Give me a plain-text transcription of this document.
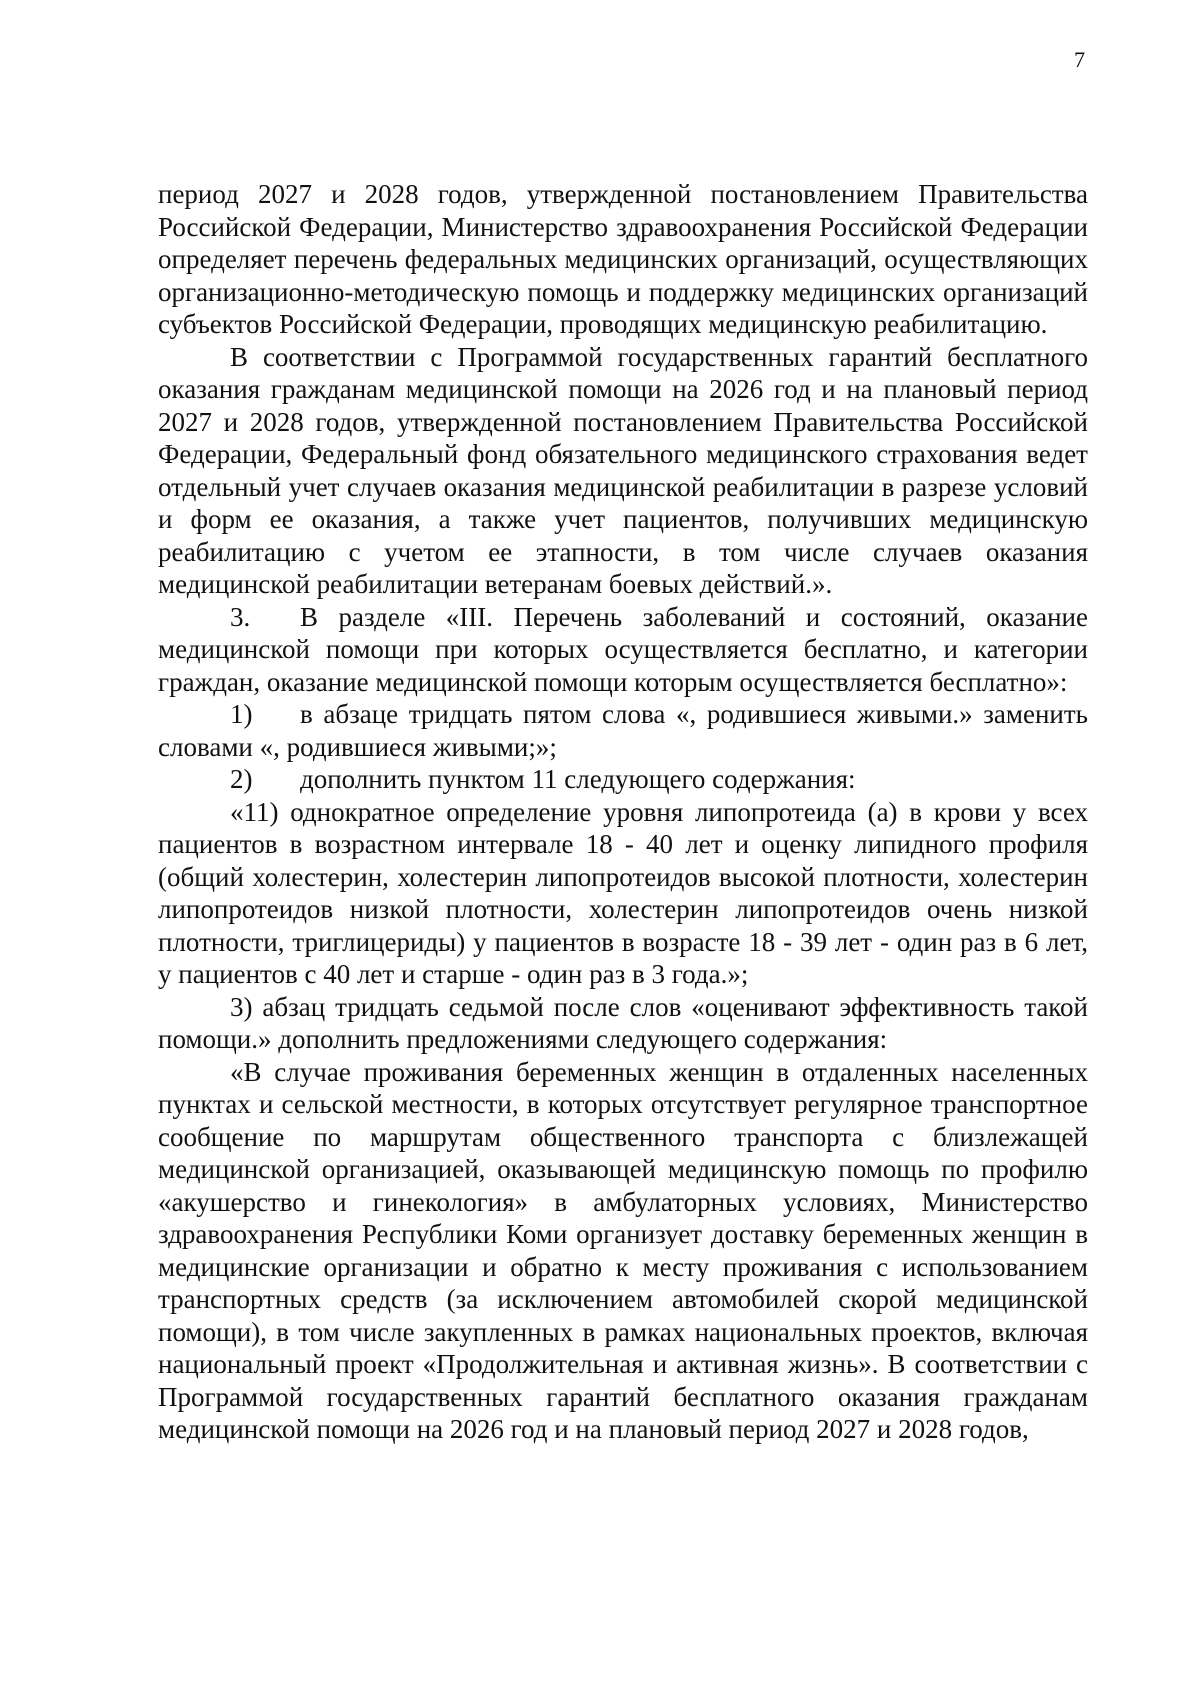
7

период 2027 и 2028 годов, утвержденной постановлением Правительства Российской Федерации, Министерство здравоохранения Российской Федерации определяет перечень федеральных медицинских организаций, осуществляющих организационно-методическую помощь и поддержку медицинских организаций субъектов Российской Федерации, проводящих медицинскую реабилитацию.

В соответствии с Программой государственных гарантий бесплатного оказания гражданам медицинской помощи на 2026 год и на плановый период 2027 и 2028 годов, утвержденной постановлением Правительства Российской Федерации, Федеральный фонд обязательного медицинского страхования ведет отдельный учет случаев оказания медицинской реабилитации в разрезе условий и форм ее оказания, а также учет пациентов, получивших медицинскую реабилитацию с учетом ее этапности, в том числе случаев оказания медицинской реабилитации ветеранам боевых действий.».

3. В разделе «III. Перечень заболеваний и состояний, оказание медицинской помощи при которых осуществляется бесплатно, и категории граждан, оказание медицинской помощи которым осуществляется бесплатно»:

1) в абзаце тридцать пятом слова «, родившиеся живыми.» заменить словами «, родившиеся живыми;»;

2) дополнить пунктом 11 следующего содержания:

«11) однократное определение уровня липопротеида (а) в крови у всех пациентов в возрастном интервале 18 - 40 лет и оценку липидного профиля (общий холестерин, холестерин липопротеидов высокой плотности, холестерин липопротеидов низкой плотности, холестерин липопротеидов очень низкой плотности, триглицериды) у пациентов в возрасте 18 - 39 лет - один раз в 6 лет, у пациентов с 40 лет и старше - один раз в 3 года.»;

3) абзац тридцать седьмой после слов «оценивают эффективность такой помощи.» дополнить предложениями следующего содержания:

«В случае проживания беременных женщин в отдаленных населенных пунктах и сельской местности, в которых отсутствует регулярное транспортное сообщение по маршрутам общественного транспорта с близлежащей медицинской организацией, оказывающей медицинскую помощь по профилю «акушерство и гинекология» в амбулаторных условиях, Министерство здравоохранения Республики Коми организует доставку беременных женщин в медицинские организации и обратно к месту проживания с использованием транспортных средств (за исключением автомобилей скорой медицинской помощи), в том числе закупленных в рамках национальных проектов, включая национальный проект «Продолжительная и активная жизнь». В соответствии с Программой государственных гарантий бесплатного оказания гражданам медицинской помощи на 2026 год и на плановый период 2027 и 2028 годов,
